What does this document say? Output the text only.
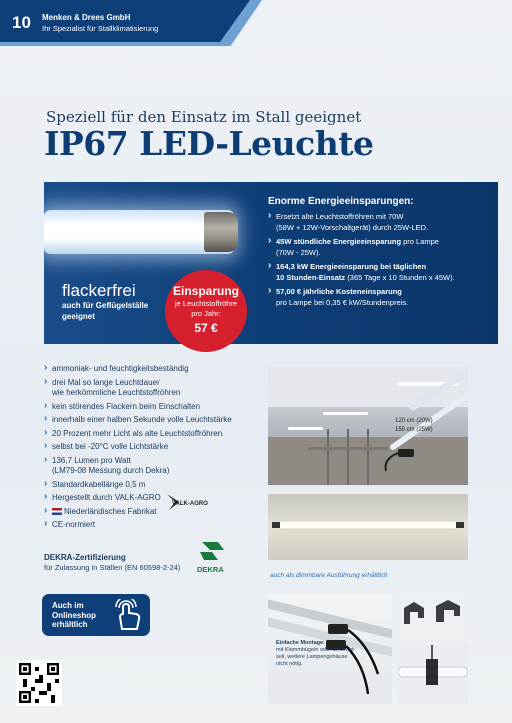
10 Menken & Drees GmbH
Ihr Spezialist für Stallklimatisierung
Speziell für den Einsatz im Stall geeignet
IP67 LED-Leuchte
flackerfrei
auch für Geflügelställe
geeignet
Einsparung
je Leuchtstoffröhre
pro Jahr:
57 €
Enorme Energieeinsparungen:
› Ersetzt alte Leuchtstoffröhren mit 70W
(58W + 12W-Vorschaltgerät) durch 25W-LED.
› 45W stündliche Energieeinsparung pro Lampe
(70W - 25W).
› 164,3 kW Energieeinsparung bei täglichen
10 Stunden-Einsatz (365 Tage x 10 Stunden x 45W).
› 57,00 € jährliche Kosteneinsparung
pro Lampe bei 0,35 € kW/Stundenpreis.
› ammoniak- und feuchtigkeitsbeständig
› drei Mal so lange Leuchtdauer
wie herkömmliche Leuchtstoffröhren
› kein störendes Flackern beim Einschalten
› innerhalb einer halben Sekunde volle Leuchtstärke
› 20 Prozent mehr Licht als alte Leuchtstoffröhren
› selbst bei -20°C volle Lichtstärke
› 136,7 Lumen pro Watt
(LM79-08 Messung durch Dekra)
› Standardkabellänge 0,5 m
› Hergestellt durch VALK-AGRO
› Niederländisches Fabrikat
› CE-normiert
VALK-AGRO
DEKRA-Zertifizierung
für Zulassung in Ställen (EN 60598-2-24) DEKRA
Auch im
Onlineshop
erhältlich
120 cm (20W)
150 cm (25W)
auch als dimmbare Ausführung erhältlich
Einfache Montage:
mit Klemmbügeln oder an Draht-
seil, weitere Lampengehäuse
nicht nötig.
